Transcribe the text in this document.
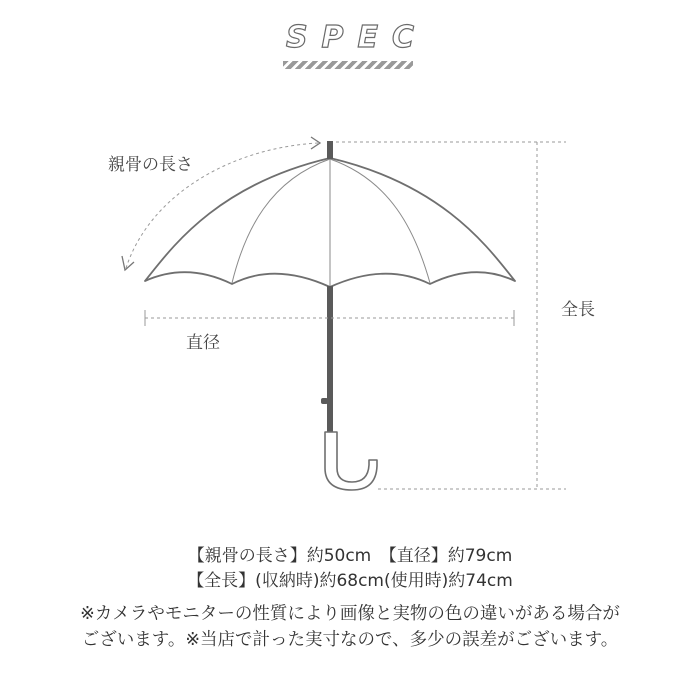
SPEC
親骨の長さ
直径
全長
【親骨の長さ】約50cm　【直径】約79cm
【全長】(収納時)約68cm(使用時)約74cm
※カメラやモニターの性質により画像と実物の色の違いがある場合が
ございます。※当店で計った実寸なので、多少の誤差がございます。
